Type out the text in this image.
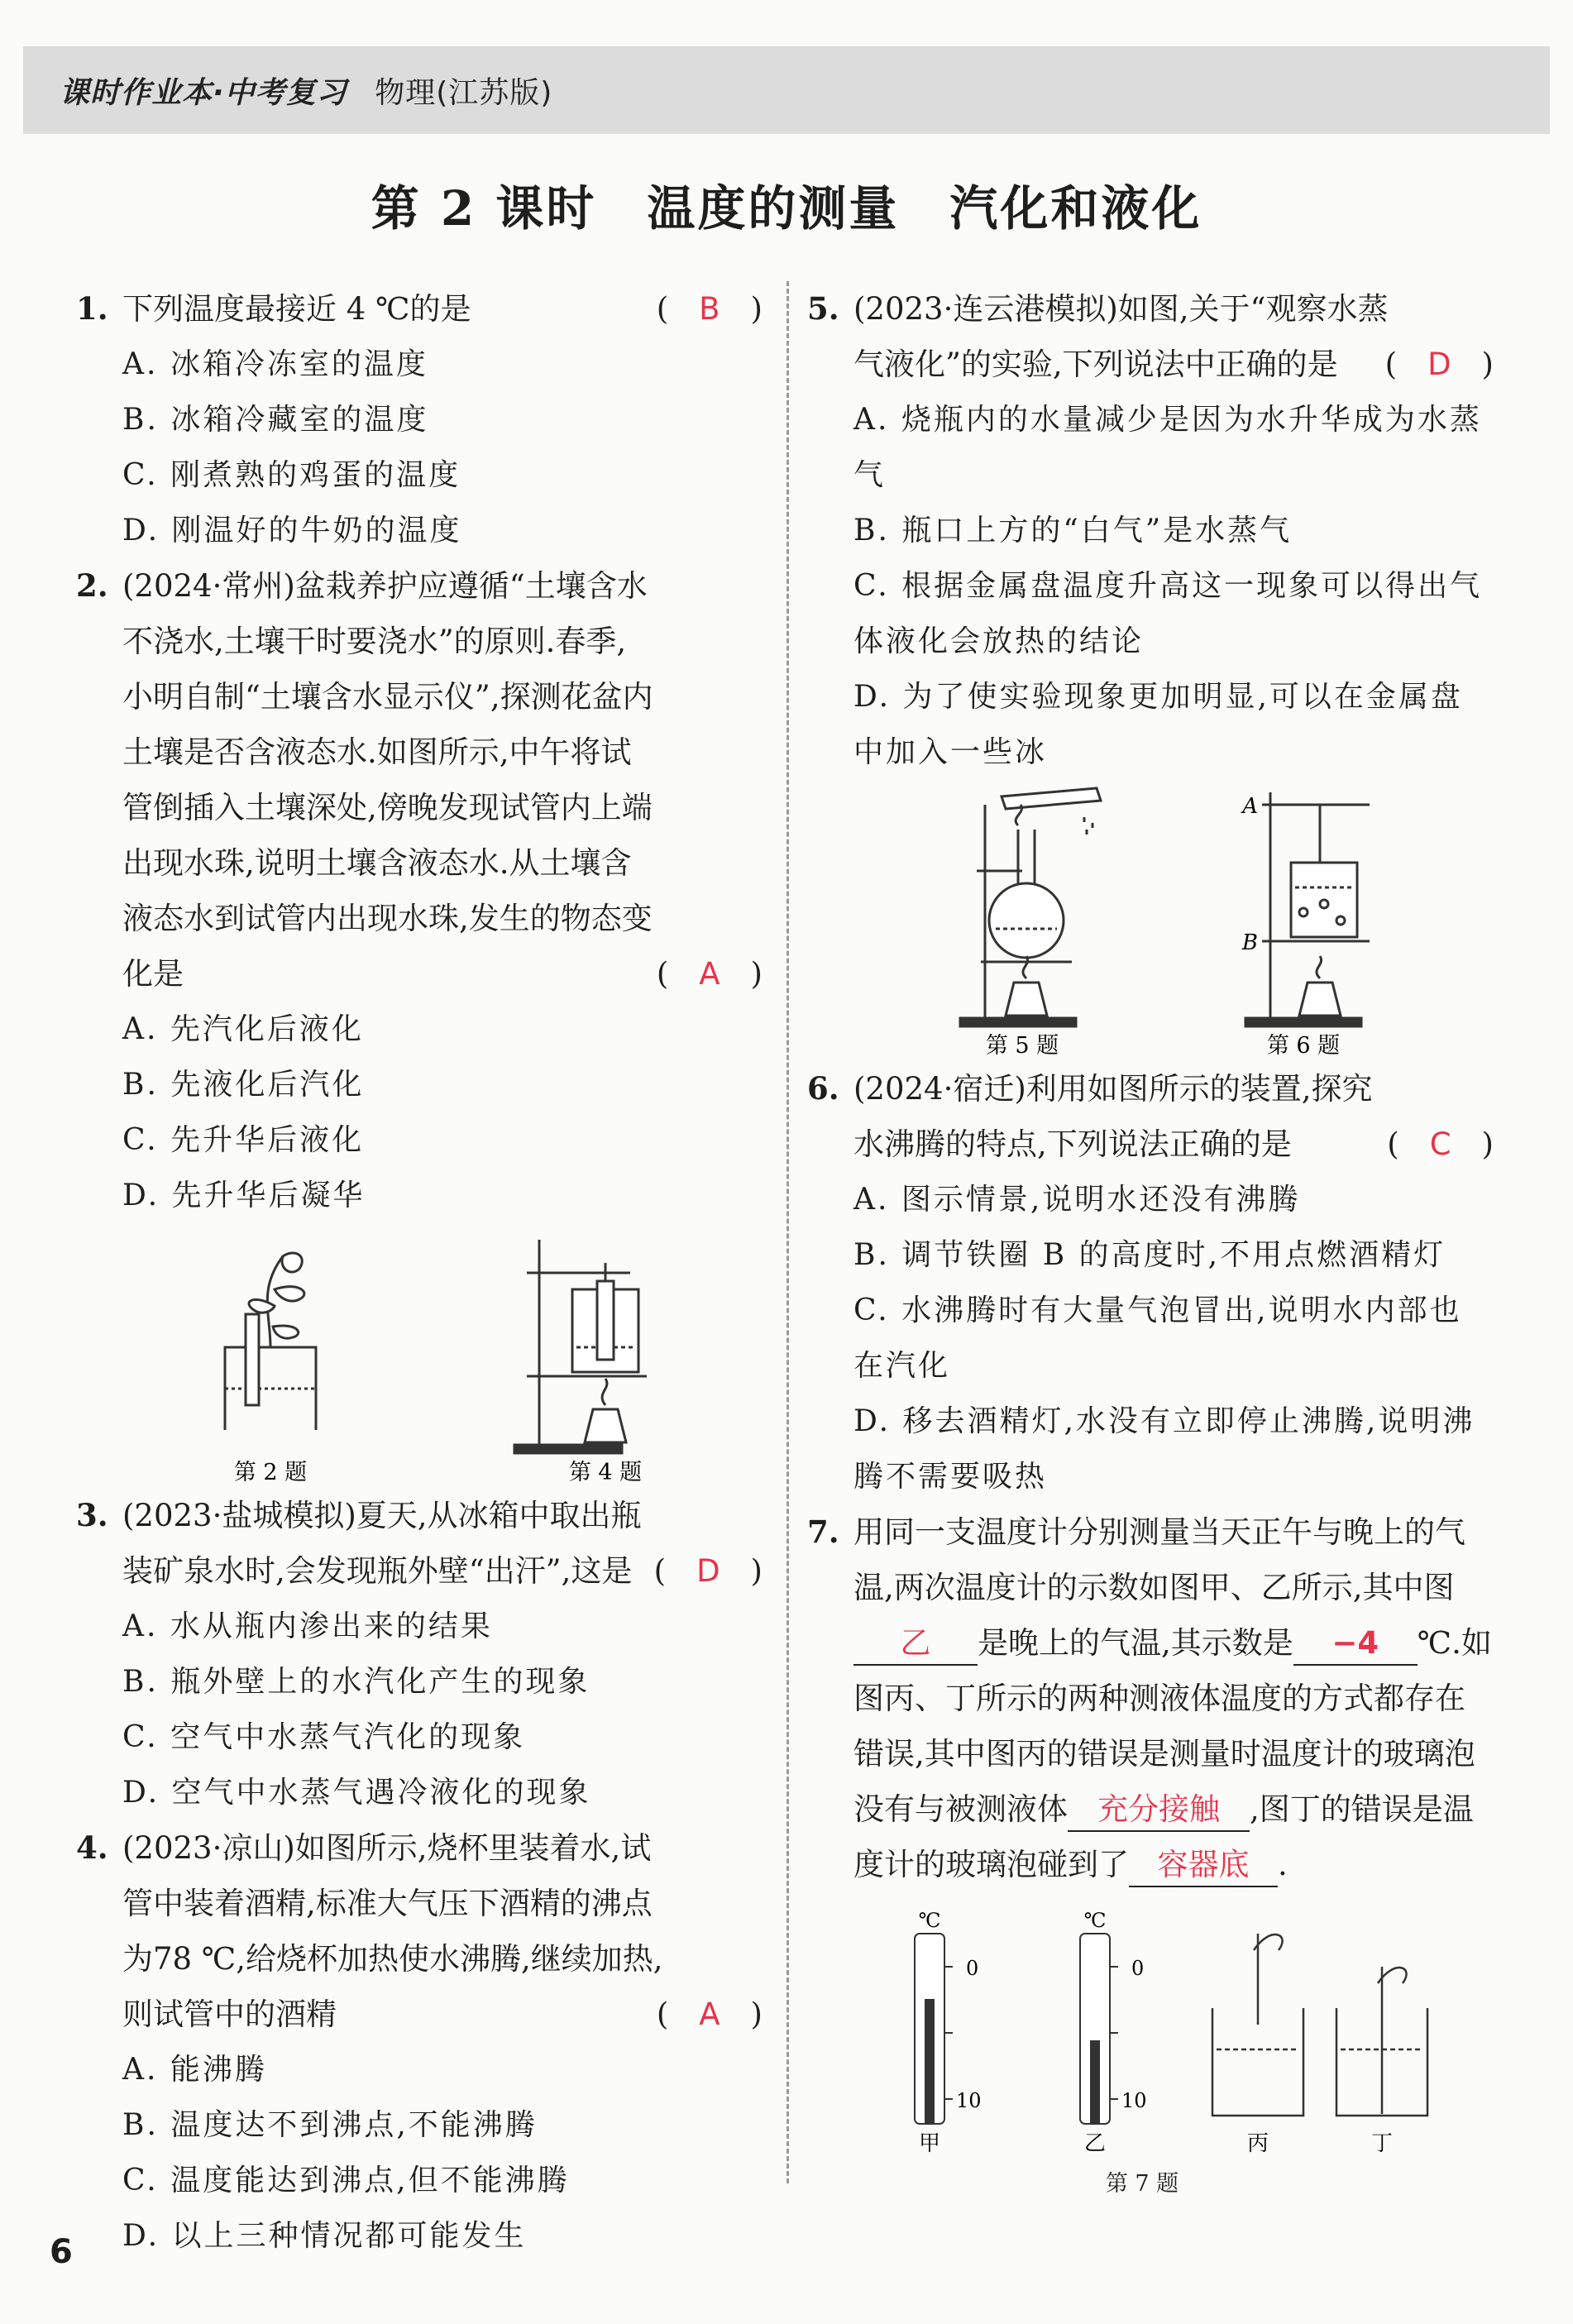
课时作业本·中考复习 物理(江苏版)
第 2 课时　温度的测量　汽化和液化
1. 下列温度最接近 4 ℃的是	(　B　)
A. 冰箱冷冻室的温度
B. 冰箱冷藏室的温度
C. 刚煮熟的鸡蛋的温度
D. 刚温好的牛奶的温度
2. (2024·常州)盆栽养护应遵循“土壤含水不浇水,土壤干时要浇水”的原则.春季,小明自制“土壤含水显示仪”,探测花盆内土壤是否含液态水.如图所示,中午将试管倒插入土壤深处,傍晚发现试管内上端出现水珠,说明土壤含液态水.从土壤含液态水到试管内出现水珠,发生的物态变化是	(　A　)
A. 先汽化后液化
B. 先液化后汽化
C. 先升华后液化
D. 先升华后凝华
第 2 题	第 4 题
3. (2023·盐城模拟)夏天,从冰箱中取出瓶装矿泉水时,会发现瓶外壁“出汗”,这是 (　D　)
A. 水从瓶内渗出来的结果
B. 瓶外壁上的水汽化产生的现象
C. 空气中水蒸气汽化的现象
D. 空气中水蒸气遇冷液化的现象
4. (2023·凉山)如图所示,烧杯里装着水,试管中装着酒精,标准大气压下酒精的沸点为78 ℃,给烧杯加热使水沸腾,继续加热,则试管中的酒精	(　A　)
A. 能沸腾
B. 温度达不到沸点,不能沸腾
C. 温度能达到沸点,但不能沸腾
D. 以上三种情况都可能发生
5. (2023·连云港模拟)如图,关于“观察水蒸气液化”的实验,下列说法中正确的是	(　D　)
A. 烧瓶内的水量减少是因为水升华成为水蒸气
B. 瓶口上方的“白气”是水蒸气
C. 根据金属盘温度升高这一现象可以得出气体液化会放热的结论
D. 为了使实验现象更加明显,可以在金属盘中加入一些冰
第 5 题
A
B
第 6 题
6. (2024·宿迁)利用如图所示的装置,探究水沸腾的特点,下列说法正确的是	(　C　)
A. 图示情景,说明水还没有沸腾
B. 调节铁圈 B 的高度时,不用点燃酒精灯
C. 水沸腾时有大量气泡冒出,说明水内部也在汽化
D. 移去酒精灯,水没有立即停止沸腾,说明沸腾不需要吸热
7. 用同一支温度计分别测量当天正午与晚上的气温,两次温度计的示数如图甲、乙所示,其中图乙 是晚上的气温,其示数是 −4 ℃.如图丙、丁所示的两种测液体温度的方式都存在错误,其中图丙的错误是测量时温度计的玻璃泡没有与被测液体 充分接触 ,图丁的错误是温度计的玻璃泡碰到了 容器底 .
℃
0
10
甲
℃
0
10
乙	丙	丁
第 7 题
6
